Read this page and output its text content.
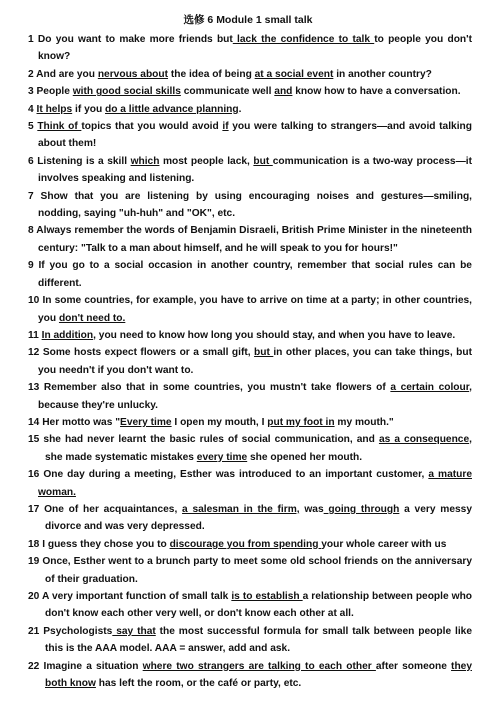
选修 6 Module 1 small talk
1 Do you want to make more friends but lack the confidence to talk to people you don't know?
2 And are you nervous about the idea of being at a social event in another country?
3 People with good social skills communicate well and know how to have a conversation.
4 It helps if you do a little advance planning.
5 Think of topics that you would avoid if you were talking to strangers—and avoid talking about them!
6 Listening is a skill which most people lack, but communication is a two-way process—it involves speaking and listening.
7 Show that you are listening by using encouraging noises and gestures—smiling, nodding, saying "uh-huh" and "OK", etc.
8 Always remember the words of Benjamin Disraeli, British Prime Minister in the nineteenth century: "Talk to a man about himself, and he will speak to you for hours!"
9 If you go to a social occasion in another country, remember that social rules can be different.
10 In some countries, for example, you have to arrive on time at a party; in other countries, you don't need to.
11 In addition, you need to know how long you should stay, and when you have to leave.
12 Some hosts expect flowers or a small gift, but in other places, you can take things, but you needn't if you don't want to.
13 Remember also that in some countries, you mustn't take flowers of a certain colour, because they're unlucky.
14 Her motto was "Every time I open my mouth, I put my foot in my mouth."
15 she had never learnt the basic rules of social communication, and as a consequence, she made systematic mistakes every time she opened her mouth.
16 One day during a meeting, Esther was introduced to an important customer, a mature woman.
17 One of her acquaintances, a salesman in the firm, was going through a very messy divorce and was very depressed.
18 I guess they chose you to discourage you from spending your whole career with us
19 Once, Esther went to a brunch party to meet some old school friends on the anniversary of their graduation.
20 A very important function of small talk is to establish a relationship between people who don't know each other very well, or don't know each other at all.
21 Psychologists say that the most successful formula for small talk between people like this is the AAA model. AAA = answer, add and ask.
22 Imagine a situation where two strangers are talking to each other after someone they both know has left the room, or the café or party, etc.
